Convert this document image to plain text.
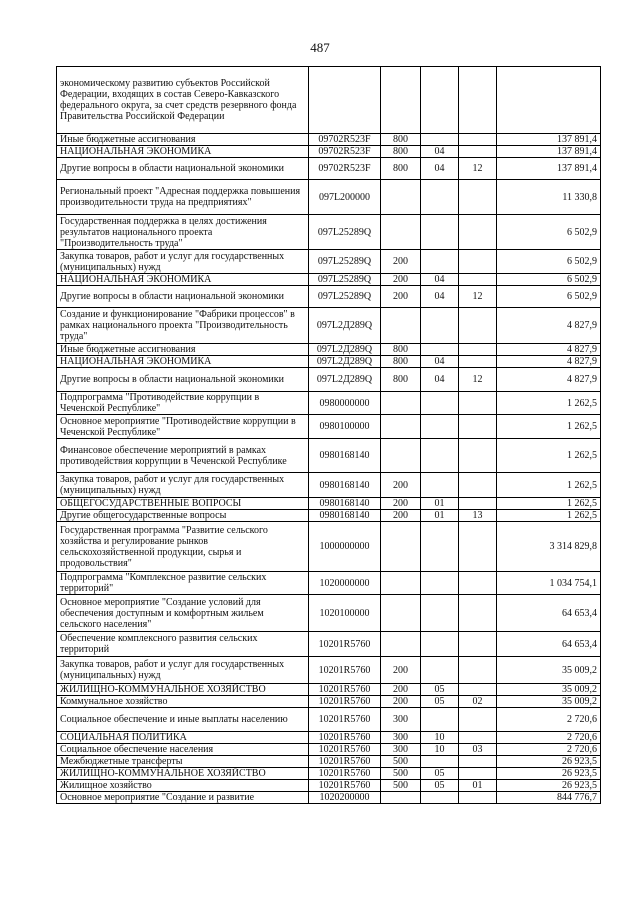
487
экономическому развитию субъектов Российской Федерации, входящих в состав Северо-Кавказского федерального округа, за счет средств резервного фонда Правительства Российской Федерации					
Иные бюджетные ассигнования	09702R523F	800			137 891,4
НАЦИОНАЛЬНАЯ ЭКОНОМИКА	09702R523F	800	04		137 891,4
Другие вопросы в области национальной экономики	09702R523F	800	04	12	137 891,4
Региональный проект "Адресная поддержка повышения производительности труда на предприятиях"	097L200000				11 330,8
Государственная поддержка в целях достижения результатов национального проекта "Производительность труда"	097L25289Q				6 502,9
Закупка товаров, работ и услуг для государственных (муниципальных) нужд	097L25289Q	200			6 502,9
НАЦИОНАЛЬНАЯ ЭКОНОМИКА	097L25289Q	200	04		6 502,9
Другие вопросы в области национальной экономики	097L25289Q	200	04	12	6 502,9
Создание и функционирование "Фабрики процессов" в рамках национального проекта "Производительность труда"	097L2Д289Q				4 827,9
Иные бюджетные ассигнования	097L2Д289Q	800			4 827,9
НАЦИОНАЛЬНАЯ ЭКОНОМИКА	097L2Д289Q	800	04		4 827,9
Другие вопросы в области национальной экономики	097L2Д289Q	800	04	12	4 827,9
Подпрограмма "Противодействие коррупции в Чеченской Республике"	0980000000				1 262,5
Основное мероприятие "Противодействие коррупции в Чеченской Республике"	0980100000				1 262,5
Финансовое обеспечение мероприятий в рамках противодействия коррупции в Чеченской Республике	0980168140				1 262,5
Закупка товаров, работ и услуг для государственных (муниципальных) нужд	0980168140	200			1 262,5
ОБЩЕГОСУДАРСТВЕННЫЕ ВОПРОСЫ	0980168140	200	01		1 262,5
Другие общегосударственные вопросы	0980168140	200	01	13	1 262,5
Государственная программа "Развитие сельского хозяйства и регулирование рынков сельскохозяйственной продукции, сырья и продовольствия"	1000000000				3 314 829,8
Подпрограмма "Комплексное развитие сельских территорий"	1020000000				1 034 754,1
Основное мероприятие "Создание условий для обеспечения доступным и комфортным жильем сельского населения"	1020100000				64 653,4
Обеспечение комплексного развития сельских территорий	10201R5760				64 653,4
Закупка товаров, работ и услуг для государственных (муниципальных) нужд	10201R5760	200			35 009,2
ЖИЛИЩНО-КОММУНАЛЬНОЕ ХОЗЯЙСТВО	10201R5760	200	05		35 009,2
Коммунальное хозяйство	10201R5760	200	05	02	35 009,2
Социальное обеспечение и иные выплаты населению	10201R5760	300			2 720,6
СОЦИАЛЬНАЯ ПОЛИТИКА	10201R5760	300	10		2 720,6
Социальное обеспечение населения	10201R5760	300	10	03	2 720,6
Межбюджетные трансферты	10201R5760	500			26 923,5
ЖИЛИЩНО-КОММУНАЛЬНОЕ ХОЗЯЙСТВО	10201R5760	500	05		26 923,5
Жилищное хозяйство	10201R5760	500	05	01	26 923,5
Основное мероприятие "Создание и развитие	1020200000				844 776,7
